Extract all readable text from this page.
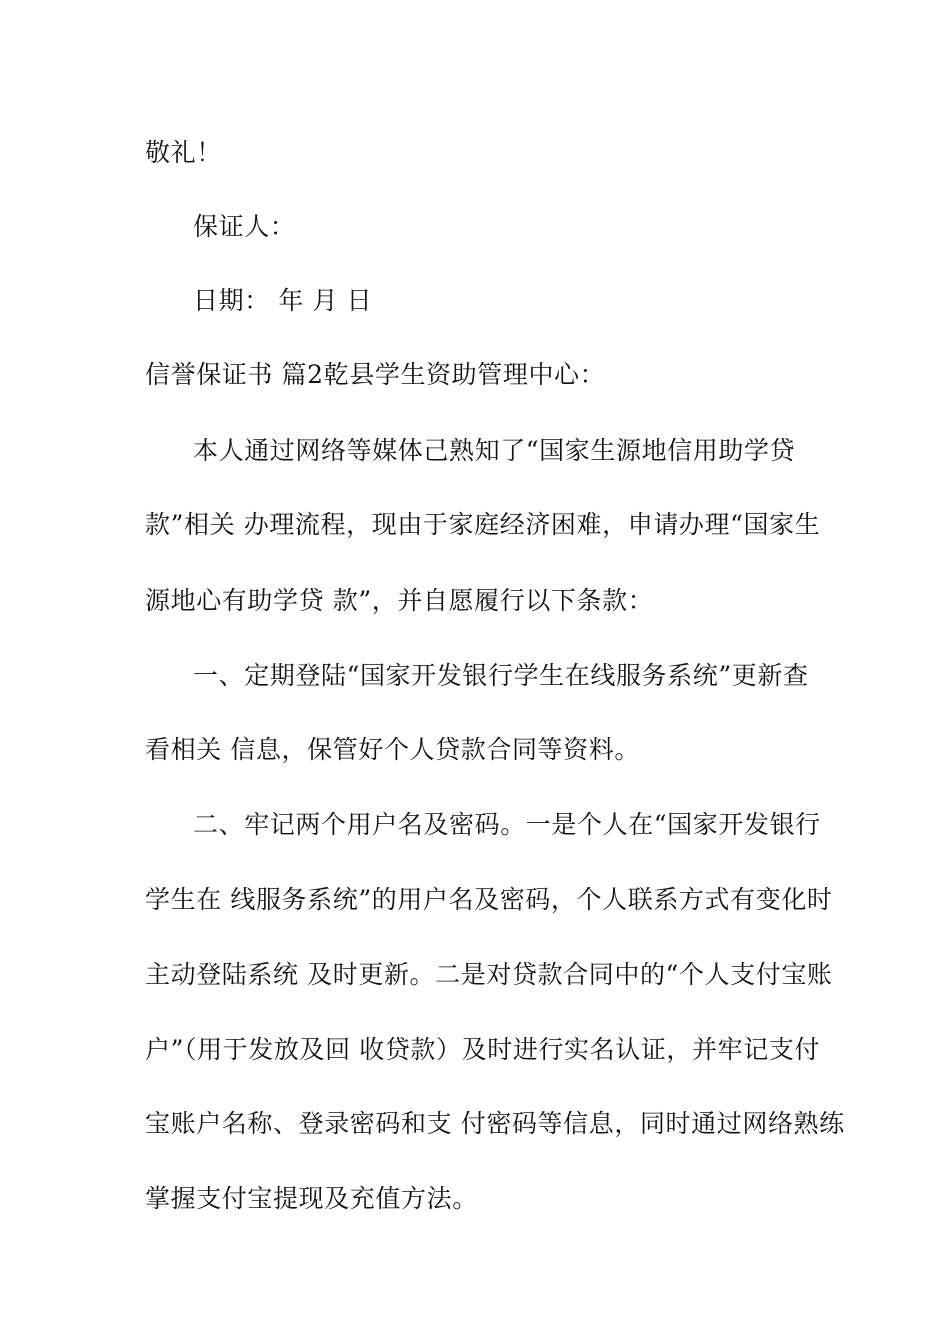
敬礼！
保证人：
日期： 年 月 日
信誉保证书 篇2乾县学生资助管理中心：
本人通过网络等媒体己熟知了“国家生源地信用助学贷
款”相关 办理流程，现由于家庭经济困难，申请办理“国家生
源地心有助学贷 款”，并自愿履行以下条款：
一、定期登陆“国家开发银行学生在线服务系统”更新查
看相关 信息，保管好个人贷款合同等资料。
二、牢记两个用户名及密码。一是个人在“国家开发银行
学生在 线服务系统”的用户名及密码，个人联系方式有变化时
主动登陆系统 及时更新。二是对贷款合同中的“个人支付宝账
户”（用于发放及回 收贷款）及时进行实名认证，并牢记支付
宝账户名称、登录密码和支 付密码等信息，同时通过网络熟练
掌握支付宝提现及充值方法。
